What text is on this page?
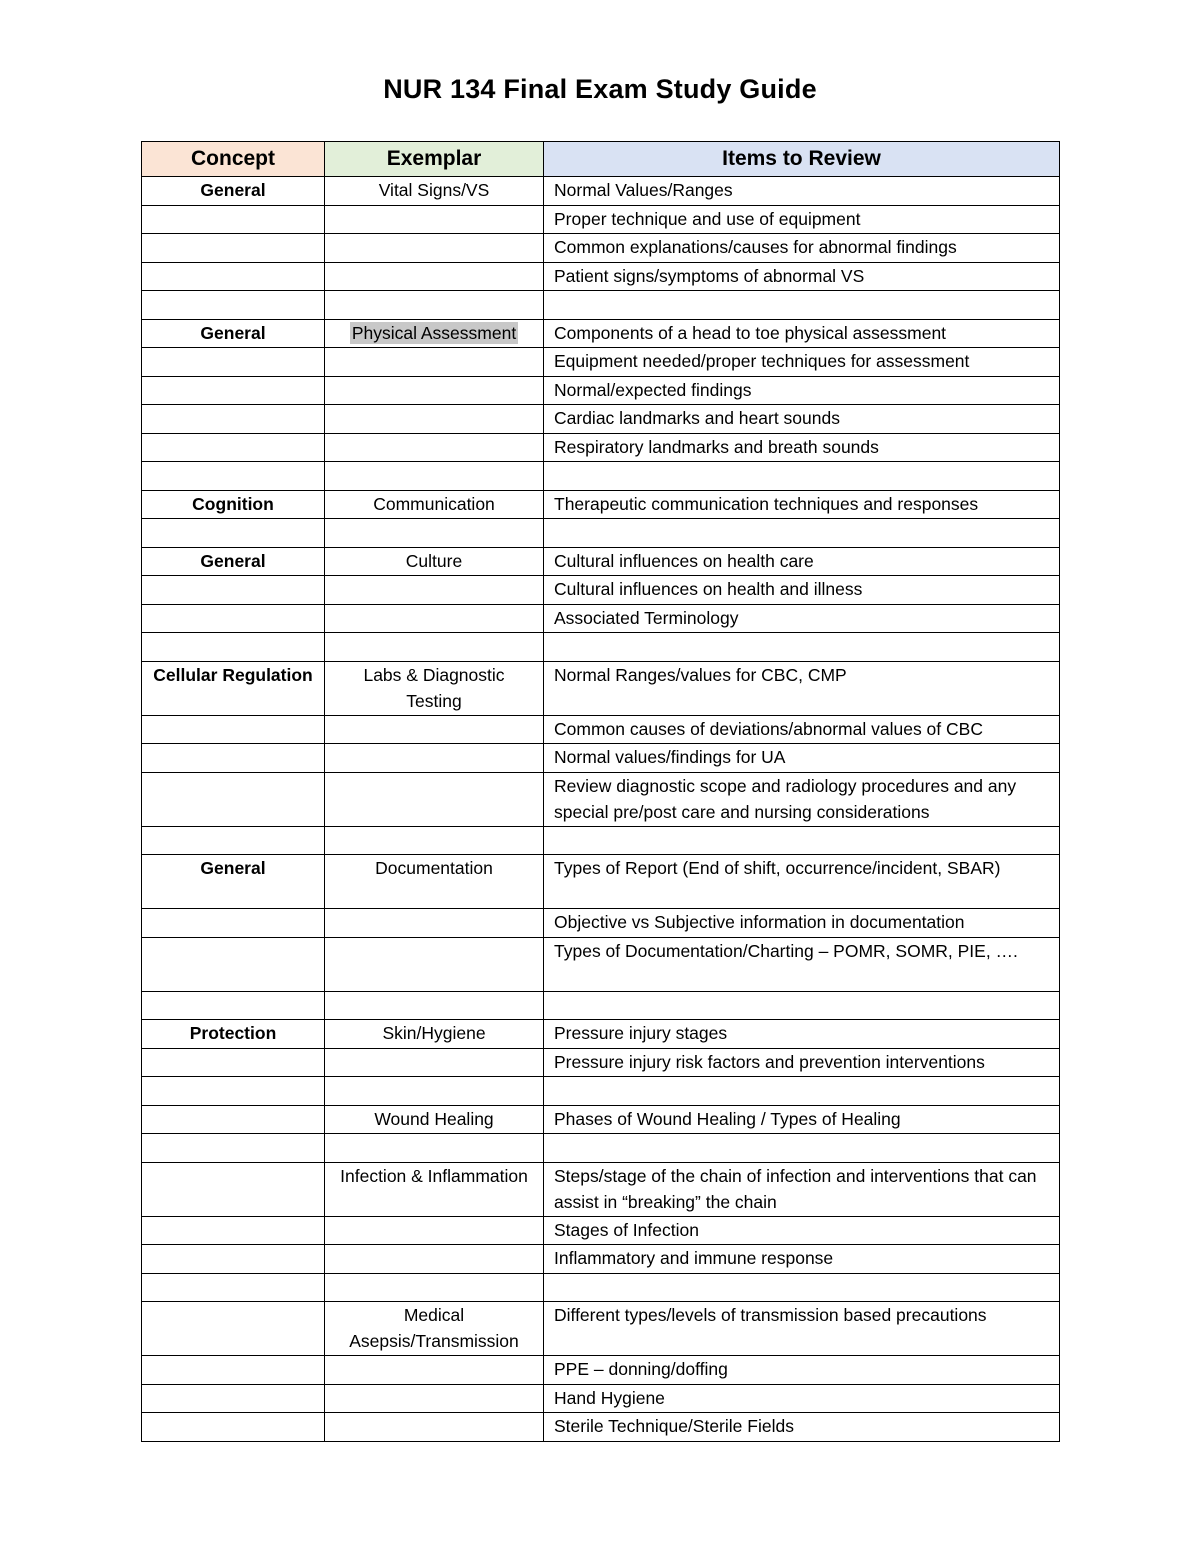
NUR 134 Final Exam Study Guide
Concept	Exemplar	Items to Review
General	Vital Signs/VS	Normal Values/Ranges
		Proper technique and use of equipment
		Common explanations/causes for abnormal findings
		Patient signs/symptoms of abnormal VS

General	Physical Assessment	Components of a head to toe physical assessment
		Equipment needed/proper techniques for assessment
		Normal/expected findings
		Cardiac landmarks and heart sounds
		Respiratory landmarks and breath sounds

Cognition	Communication	Therapeutic communication techniques and responses

General	Culture	Cultural influences on health care
		Cultural influences on health and illness
		Associated Terminology

Cellular Regulation	Labs & Diagnostic Testing	Normal Ranges/values for CBC, CMP
		Common causes of deviations/abnormal values of CBC
		Normal values/findings for UA
		Review diagnostic scope and radiology procedures and any special pre/post care and nursing considerations

General	Documentation	Types of Report (End of shift, occurrence/incident, SBAR)
		Objective vs Subjective information in documentation
		Types of Documentation/Charting – POMR, SOMR, PIE, ….

Protection	Skin/Hygiene	Pressure injury stages
		Pressure injury risk factors and prevention interventions

	Wound Healing	Phases of Wound Healing / Types of Healing

	Infection & Inflammation	Steps/stage of the chain of infection and interventions that can assist in “breaking” the chain
		Stages of Infection
		Inflammatory and immune response

	Medical Asepsis/Transmission	Different types/levels of transmission based precautions
		PPE – donning/doffing
		Hand Hygiene
		Sterile Technique/Sterile Fields
